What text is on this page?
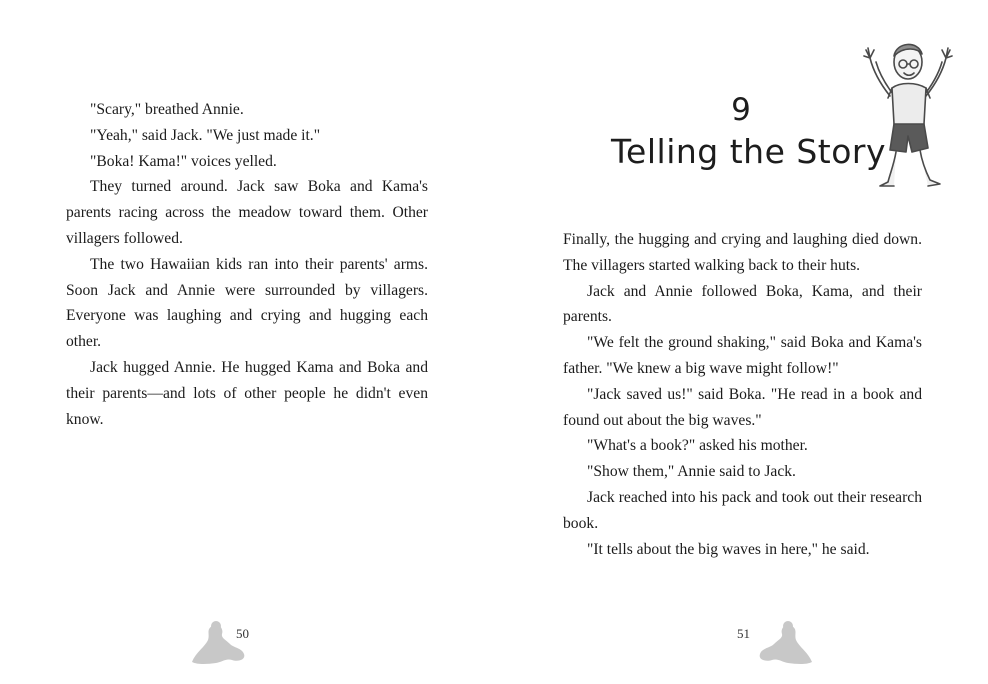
"Scary," breathed Annie.

"Yeah," said Jack. "We just made it."

"Boka! Kama!" voices yelled.

They turned around. Jack saw Boka and Kama's parents racing across the meadow toward them. Other villagers followed.

The two Hawaiian kids ran into their parents' arms. Soon Jack and Annie were surrounded by villagers. Everyone was laughing and crying and hugging each other.

Jack hugged Annie. He hugged Kama and Boka and their parents—and lots of other people he didn't even know.

50
9
Telling the Story

Finally, the hugging and crying and laughing died down. The villagers started walking back to their huts.

Jack and Annie followed Boka, Kama, and their parents.

"We felt the ground shaking," said Boka and Kama's father. "We knew a big wave might follow!"

"Jack saved us!" said Boka. "He read in a book and found out about the big waves."

"What's a book?" asked his mother.

"Show them," Annie said to Jack.

Jack reached into his pack and took out their research book.

"It tells about the big waves in here," he said.

51
